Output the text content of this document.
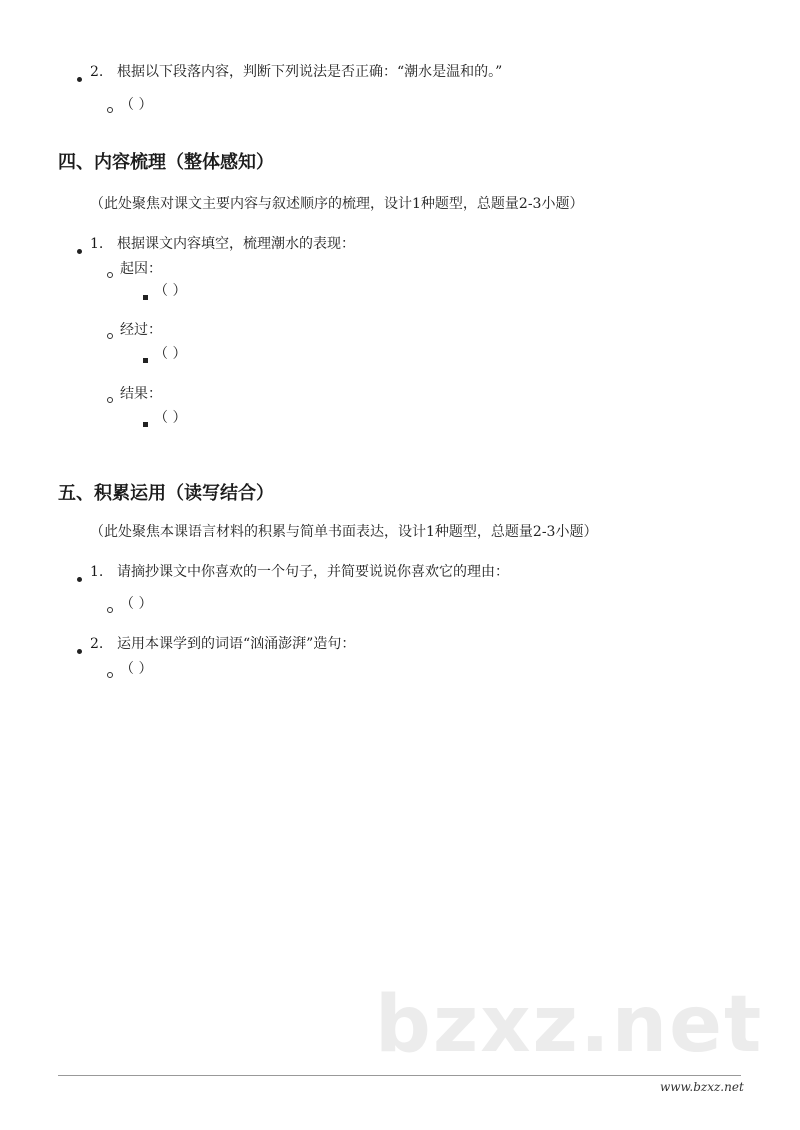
2. 根据以下段落内容，判断下列说法是否正确：“潮水是温和的。”
（ ）
四、内容梳理（整体感知）
（此处聚焦对课文主要内容与叙述顺序的梳理，设计1种题型，总题量2-3小题）
1. 根据课文内容填空，梳理潮水的表现：
起因：
（ ）
经过：
（ ）
结果：
（ ）
五、积累运用（读写结合）
（此处聚焦本课语言材料的积累与简单书面表达，设计1种题型，总题量2-3小题）
1. 请摘抄课文中你喜欢的一个句子，并简要说说你喜欢它的理由：
（ ）
2. 运用本课学到的词语“汹涌澎湃”造句：
（ ）
bzxz.net
www.bzxz.net
